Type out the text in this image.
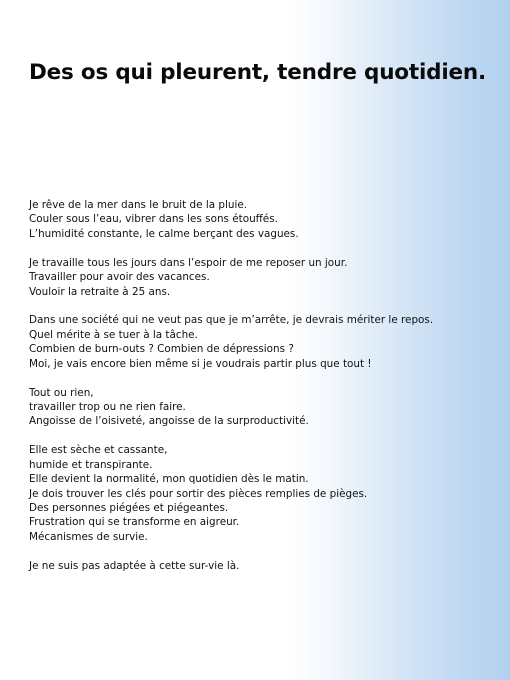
Des os qui pleurent, tendre quotidien.

Je rêve de la mer dans le bruit de la pluie.
Couler sous l’eau, vibrer dans les sons étouffés.
L’humidité constante, le calme berçant des vagues.

Je travaille tous les jours dans l’espoir de me reposer un jour.
Travailler pour avoir des vacances.
Vouloir la retraite à 25 ans.

Dans une société qui ne veut pas que je m’arrête, je devrais mériter le repos.
Quel mérite à se tuer à la tâche.
Combien de burn-outs ? Combien de dépressions ?
Moi, je vais encore bien même si je voudrais partir plus que tout !

Tout ou rien,
travailler trop ou ne rien faire.
Angoisse de l’oisiveté, angoisse de la surproductivité.

Elle est sèche et cassante,
humide et transpirante.
Elle devient la normalité, mon quotidien dès le matin.
Je dois trouver les clés pour sortir des pièces remplies de pièges.
Des personnes piégées et piégeantes.
Frustration qui se transforme en aigreur.
Mécanismes de survie.

Je ne suis pas adaptée à cette sur-vie là.
